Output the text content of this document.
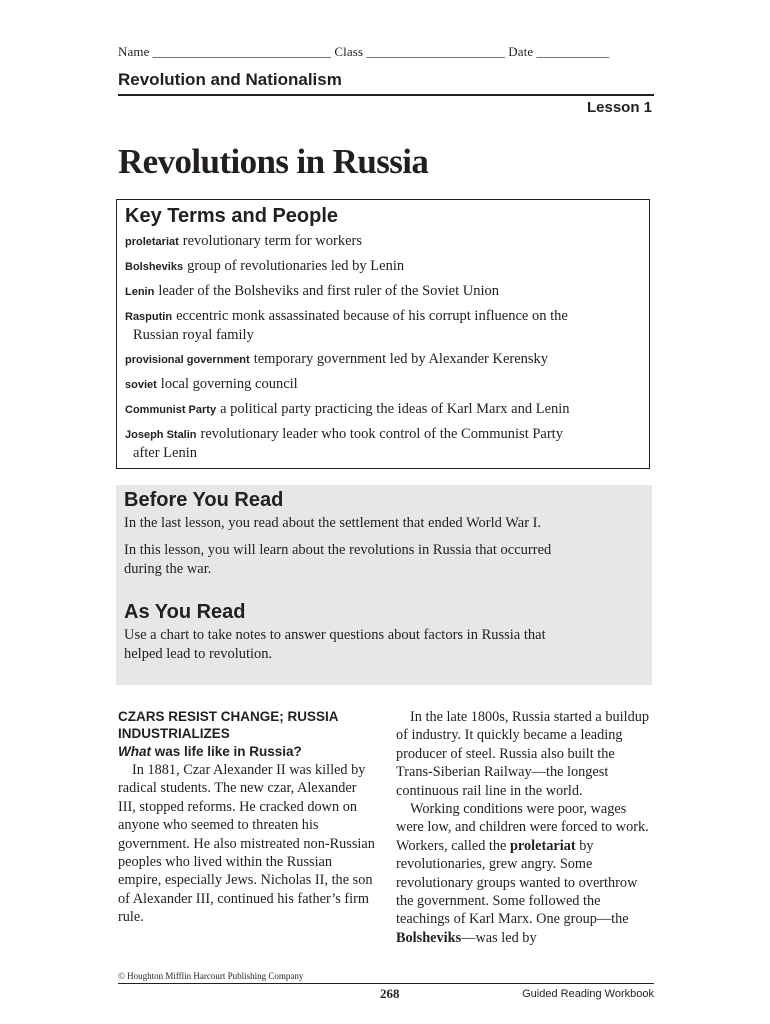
Name ___________________________ Class _____________________ Date ___________
Revolution and Nationalism
Lesson 1
Revolutions in Russia
Key Terms and People
proletariat revolutionary term for workers
Bolsheviks group of revolutionaries led by Lenin
Lenin leader of the Bolsheviks and first ruler of the Soviet Union
Rasputin eccentric monk assassinated because of his corrupt influence on the
Russian royal family
provisional government temporary government led by Alexander Kerensky
soviet local governing council
Communist Party a political party practicing the ideas of Karl Marx and Lenin
Joseph Stalin revolutionary leader who took control of the Communist Party
after Lenin
Before You Read

In the last lesson, you read about the settlement that ended World War I.

In this lesson, you will learn about the revolutions in Russia that occurred during the war.

As You Read

Use a chart to take notes to answer questions about factors in Russia that helped lead to revolution.

CZARS RESIST CHANGE; RUSSIA INDUSTRIALIZES
What was life like in Russia?

In 1881, Czar Alexander II was killed by radical students. The new czar, Alexander III, stopped reforms. He cracked down on anyone who seemed to threaten his government. He also mistreated non-Russian peoples who lived within the Russian empire, especially Jews. Nicholas II, the son of Alexander III, continued his father’s firm rule.

In the late 1800s, Russia started a buildup of industry. It quickly became a leading producer of steel. Russia also built the Trans-Siberian Railway—the longest continuous rail line in the world.

Working conditions were poor, wages were low, and children were forced to work. Workers, called the proletariat by revolutionaries, grew angry. Some revolutionary groups wanted to overthrow the government. Some followed the teachings of Karl Marx. One group—the Bolsheviks—was led by

© Houghton Mifflin Harcourt Publishing Company
268	Guided Reading Workbook
